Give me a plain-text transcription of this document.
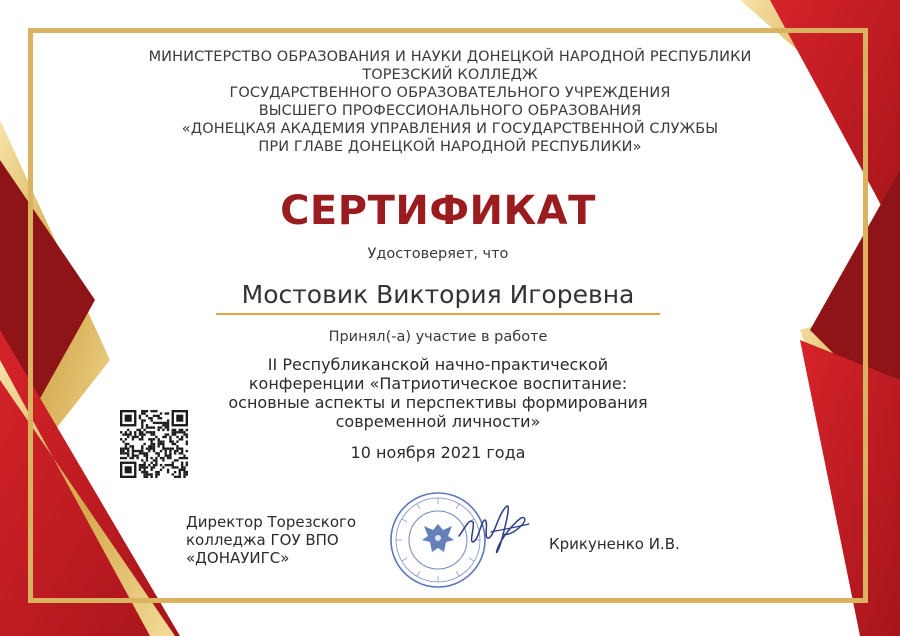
МИНИСТЕРСТВО ОБРАЗОВАНИЯ И НАУКИ ДОНЕЦКОЙ НАРОДНОЙ РЕСПУБЛИКИ
ТОРЕЗСКИЙ КОЛЛЕДЖ
ГОСУДАРСТВЕННОГО ОБРАЗОВАТЕЛЬНОГО УЧРЕЖДЕНИЯ
ВЫСШЕГО ПРОФЕССИОНАЛЬНОГО ОБРАЗОВАНИЯ
«ДОНЕЦКАЯ АКАДЕМИЯ УПРАВЛЕНИЯ И ГОСУДАРСТВЕННОЙ СЛУЖБЫ
ПРИ ГЛАВЕ ДОНЕЦКОЙ НАРОДНОЙ РЕСПУБЛИКИ»
СЕРТИФИКАТ
Удостоверяет, что
Мостовик Виктория Игоревна
Принял(-а) участие в работе
II Республиканской начно-практической
конференции «Патриотическое воспитание:
основные аспекты и перспективы формирования
современной личности»
10 ноября 2021 года
Директор Торезского
колледжа ГОУ ВПО
«ДОНАУИГС»
Крикуненко И.В.
